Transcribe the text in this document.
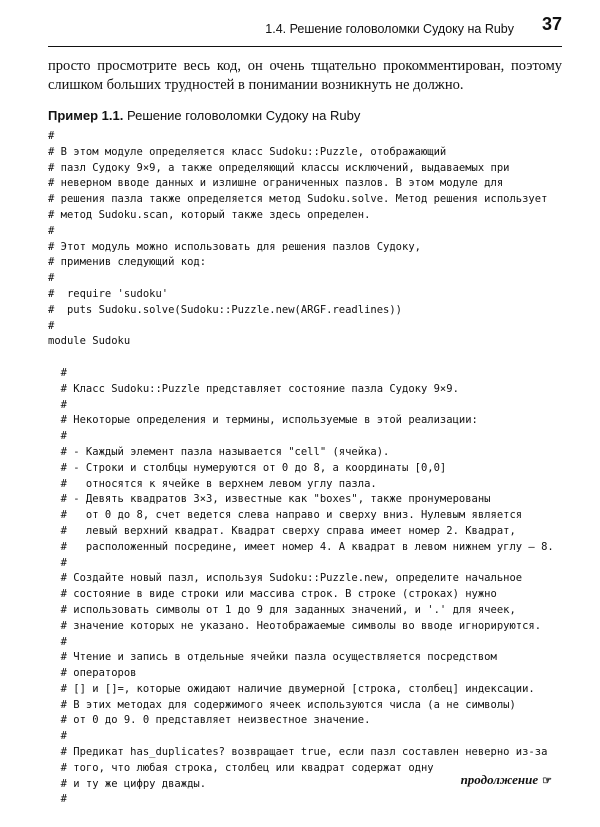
1.4. Решение головоломки Судоку на Ruby 37
просто просмотрите весь код, он очень тщательно прокомментирован, поэтому слишком больших трудностей в понимании возникнуть не должно.
Пример 1.1. Решение головоломки Судоку на Ruby
#
# В этом модуле определяется класс Sudoku::Puzzle, отображающий
# пазл Судоку 9×9, а также определяющий классы исключений, выдаваемых при
# неверном вводе данных и излишне ограниченных пазлов. В этом модуле для
# решения пазла также определяется метод Sudoku.solve. Метод решения использует
# метод Sudoku.scan, который также здесь определен.
#
# Этот модуль можно использовать для решения пазлов Судоку,
# применив следующий код:
#
#  require 'sudoku'
#  puts Sudoku.solve(Sudoku::Puzzle.new(ARGF.readlines))
#
module Sudoku
#
# Класс Sudoku::Puzzle представляет состояние пазла Судоку 9×9.
#
# Некоторые определения и термины, используемые в этой реализации:
#
# - Каждый элемент пазла называется "cell" (ячейка).
# - Строки и столбцы нумеруются от 0 до 8, а координаты [0,0]
#   относятся к ячейке в верхнем левом углу пазла.
# - Девять квадратов 3×3, известные как "boxes", также пронумерованы
#   от 0 до 8, счет ведется слева направо и сверху вниз. Нулевым является
#   левый верхний квадрат. Квадрат сверху справа имеет номер 2. Квадрат,
#   расположенный посредине, имеет номер 4. А квадрат в левом нижнем углу – 8.
#
# Создайте новый пазл, используя Sudoku::Puzzle.new, определите начальное
# состояние в виде строки или массива строк. В строке (строках) нужно
# использовать символы от 1 до 9 для заданных значений, и '.' для ячеек,
# значение которых не указано. Неотображаемые символы во вводе игнорируются.
#
# Чтение и запись в отдельные ячейки пазла осуществляется посредством
# операторов
# [] и []=, которые ожидают наличие двумерной [строка, столбец] индексации.
# В этих методах для содержимого ячеек используются числа (а не символы)
# от 0 до 9. 0 представляет неизвестное значение.
#
# Предикат has_duplicates? возвращает true, если пазл составлен неверно из-за
# того, что любая строка, столбец или квадрат содержат одну
# и ту же цифру дважды.
#
продолжение ☞
